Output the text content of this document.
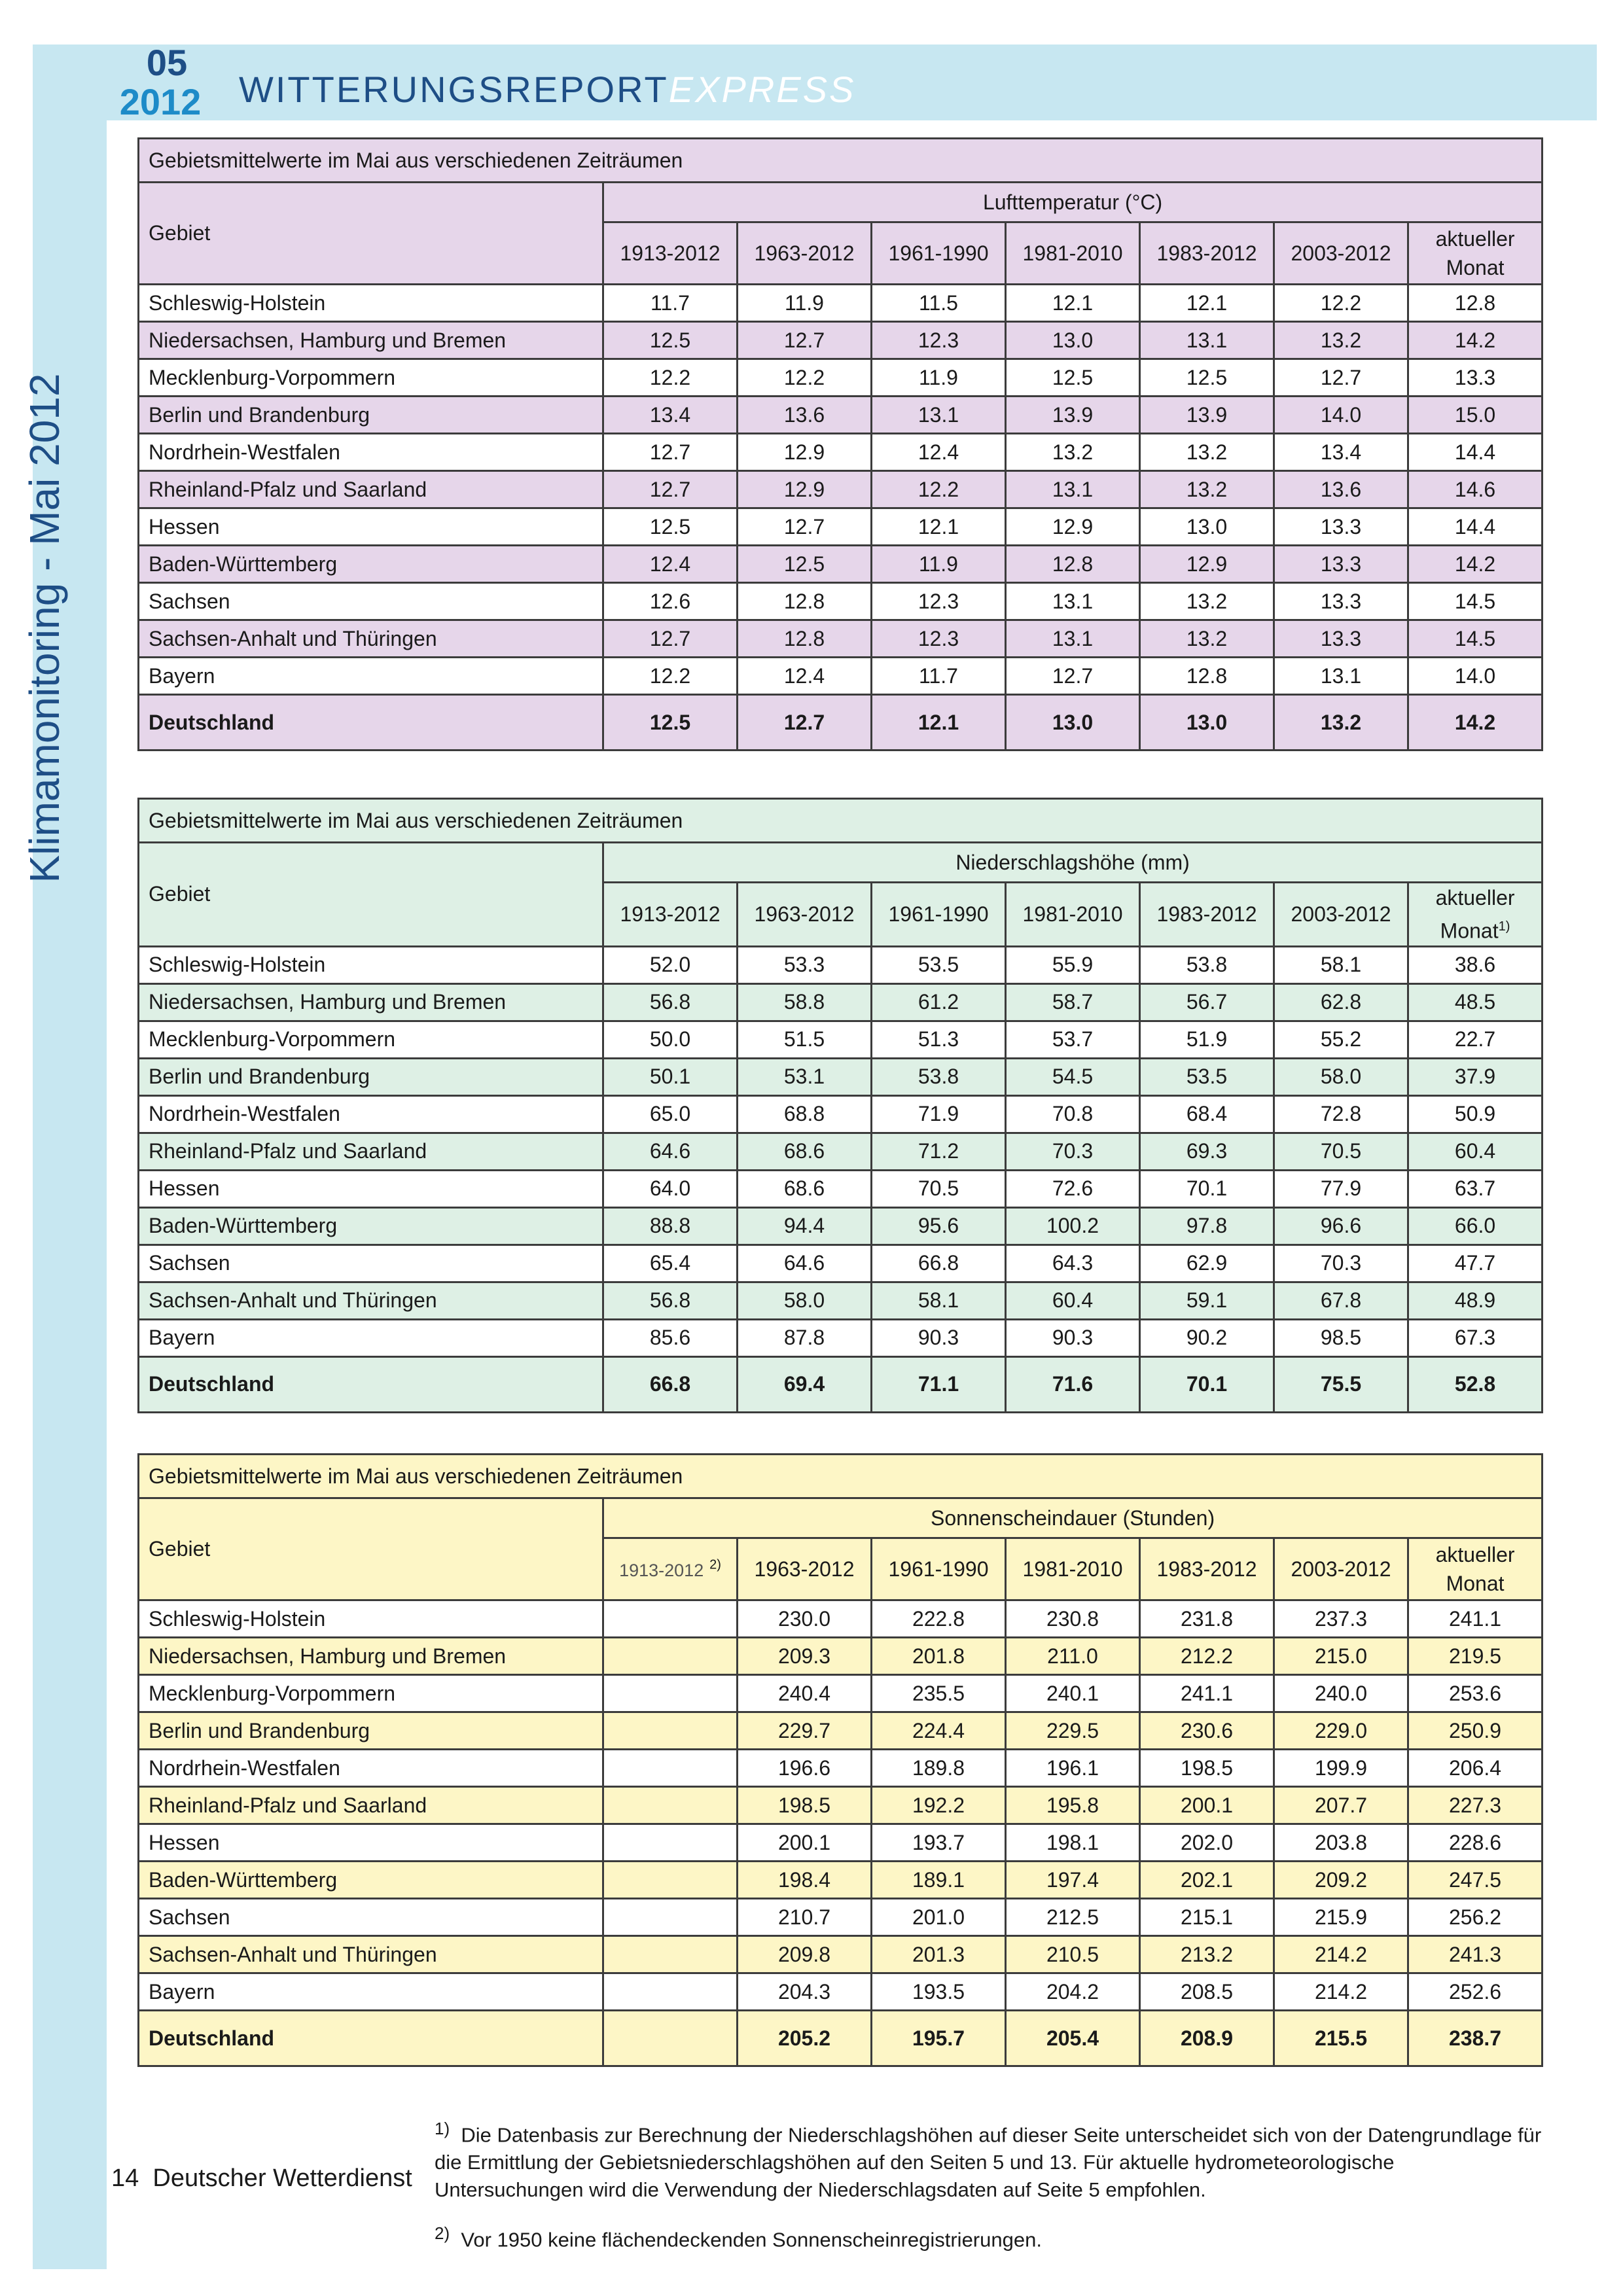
05
2012 WITTERUNGSREPORTEXPRESS
Klimamonitoring - Mai 2012
Gebietsmittelwerte im Mai aus verschiedenen Zeiträumen							
Gebiet	Lufttemperatur (°C)						
	1913-2012	1963-2012	1961-1990	1981-2010	1983-2012	2003-2012	aktueller
Monat
Schleswig-Holstein	11.7	11.9	11.5	12.1	12.1	12.2	12.8
Niedersachsen, Hamburg und Bremen	12.5	12.7	12.3	13.0	13.1	13.2	14.2
Mecklenburg-Vorpommern	12.2	12.2	11.9	12.5	12.5	12.7	13.3
Berlin und Brandenburg	13.4	13.6	13.1	13.9	13.9	14.0	15.0
Nordrhein-Westfalen	12.7	12.9	12.4	13.2	13.2	13.4	14.4
Rheinland-Pfalz und Saarland	12.7	12.9	12.2	13.1	13.2	13.6	14.6
Hessen	12.5	12.7	12.1	12.9	13.0	13.3	14.4
Baden-Württemberg	12.4	12.5	11.9	12.8	12.9	13.3	14.2
Sachsen	12.6	12.8	12.3	13.1	13.2	13.3	14.5
Sachsen-Anhalt und Thüringen	12.7	12.8	12.3	13.1	13.2	13.3	14.5
Bayern	12.2	12.4	11.7	12.7	12.8	13.1	14.0
Deutschland	12.5	12.7	12.1	13.0	13.0	13.2	14.2
Gebietsmittelwerte im Mai aus verschiedenen Zeiträumen							
Gebiet	Niederschlagshöhe (mm)						
	1913-2012	1963-2012	1961-1990	1981-2010	1983-2012	2003-2012	aktueller
Monat$^{1)}$
Schleswig-Holstein	52.0	53.3	53.5	55.9	53.8	58.1	38.6
Niedersachsen, Hamburg und Bremen	56.8	58.8	61.2	58.7	56.7	62.8	48.5
Mecklenburg-Vorpommern	50.0	51.5	51.3	53.7	51.9	55.2	22.7
Berlin und Brandenburg	50.1	53.1	53.8	54.5	53.5	58.0	37.9
Nordrhein-Westfalen	65.0	68.8	71.9	70.8	68.4	72.8	50.9
Rheinland-Pfalz und Saarland	64.6	68.6	71.2	70.3	69.3	70.5	60.4
Hessen	64.0	68.6	70.5	72.6	70.1	77.9	63.7
Baden-Württemberg	88.8	94.4	95.6	100.2	97.8	96.6	66.0
Sachsen	65.4	64.6	66.8	64.3	62.9	70.3	47.7
Sachsen-Anhalt und Thüringen	56.8	58.0	58.1	60.4	59.1	67.8	48.9
Bayern	85.6	87.8	90.3	90.3	90.2	98.5	67.3
Deutschland	66.8	69.4	71.1	71.6	70.1	75.5	52.8
Gebietsmittelwerte im Mai aus verschiedenen Zeiträumen							
Gebiet	Sonnenscheindauer (Stunden)						
	1913-2012 $^{2)}$	1963-2012	1961-1990	1981-2010	1983-2012	2003-2012	aktueller
Monat
Schleswig-Holstein		230.0	222.8	230.8	231.8	237.3	241.1
Niedersachsen, Hamburg und Bremen		209.3	201.8	211.0	212.2	215.0	219.5
Mecklenburg-Vorpommern		240.4	235.5	240.1	241.1	240.0	253.6
Berlin und Brandenburg		229.7	224.4	229.5	230.6	229.0	250.9
Nordrhein-Westfalen		196.6	189.8	196.1	198.5	199.9	206.4
Rheinland-Pfalz und Saarland		198.5	192.2	195.8	200.1	207.7	227.3
Hessen		200.1	193.7	198.1	202.0	203.8	228.6
Baden-Württemberg		198.4	189.1	197.4	202.1	209.2	247.5
Sachsen		210.7	201.0	212.5	215.1	215.9	256.2
Sachsen-Anhalt und Thüringen		209.8	201.3	210.5	213.2	214.2	241.3
Bayern		204.3	193.5	204.2	208.5	214.2	252.6
Deutschland		205.2	195.7	205.4	208.9	215.5	238.7
14 Deutscher Wetterdienst
$^{1)}$ Die Datenbasis zur Berechnung der Niederschlagshöhen auf dieser Seite unterscheidet sich von der Datengrundlage für die Ermittlung der Gebietsniederschlagshöhen auf den Seiten 5 und 13. Für aktuelle hydrometeorologische Untersuchungen wird die Verwendung der Niederschlagsdaten auf Seite 5 empfohlen.
$^{2)}$ Vor 1950 keine flächendeckenden Sonnenscheinregistrierungen.
